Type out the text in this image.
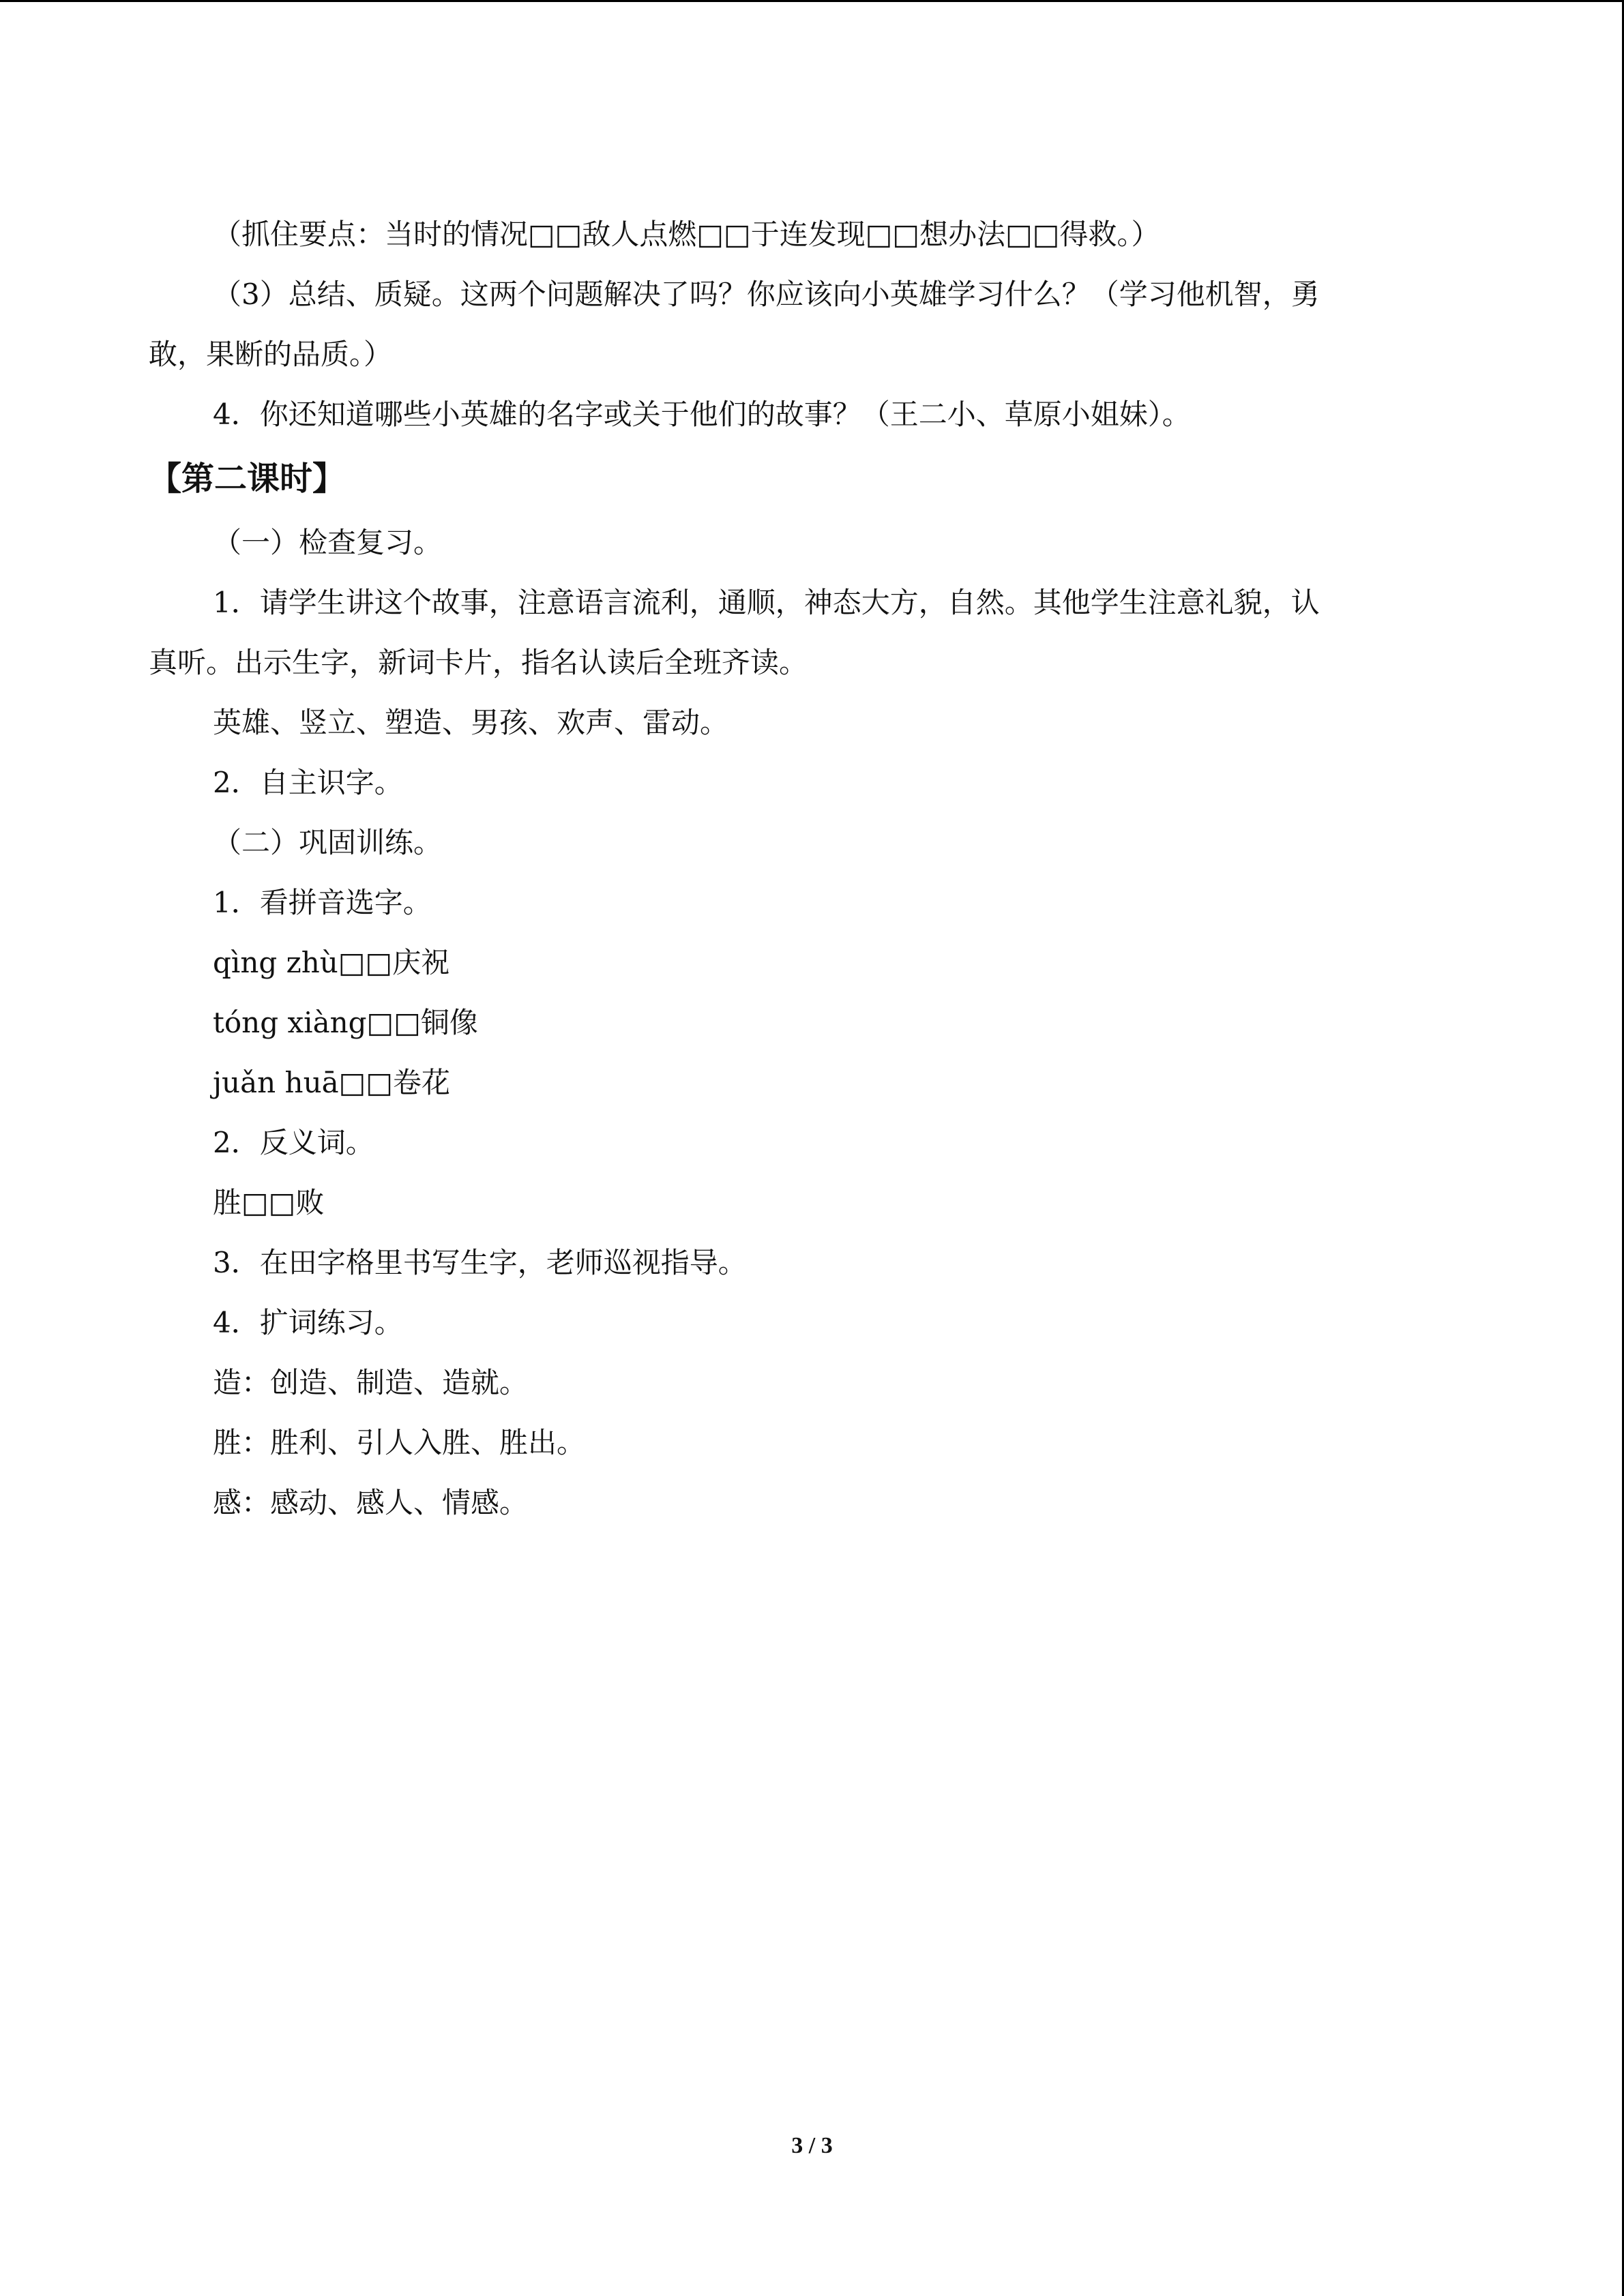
（抓住要点：当时的情况□□敌人点燃□□于连发现□□想办法□□得救。）

（3）总结、质疑。这两个问题解决了吗？你应该向小英雄学习什么？（学习他机智，勇

敢，果断的品质。）

4．你还知道哪些小英雄的名字或关于他们的故事？（王二小、草原小姐妹）。

【第二课时】

（一）检查复习。

1．请学生讲这个故事，注意语言流利，通顺，神态大方，自然。其他学生注意礼貌，认

真听。出示生字，新词卡片，指名认读后全班齐读。

英雄、竖立、塑造、男孩、欢声、雷动。

2．自主识字。

（二）巩固训练。

1．看拼音选字。

qìng zhù□□庆祝

tóng xiàng□□铜像

juǎn huā□□卷花

2．反义词。

胜□□败

3．在田字格里书写生字，老师巡视指导。

4．扩词练习。

造：创造、制造、造就。

胜：胜利、引人入胜、胜出。

感：感动、感人、情感。

3 / 3
